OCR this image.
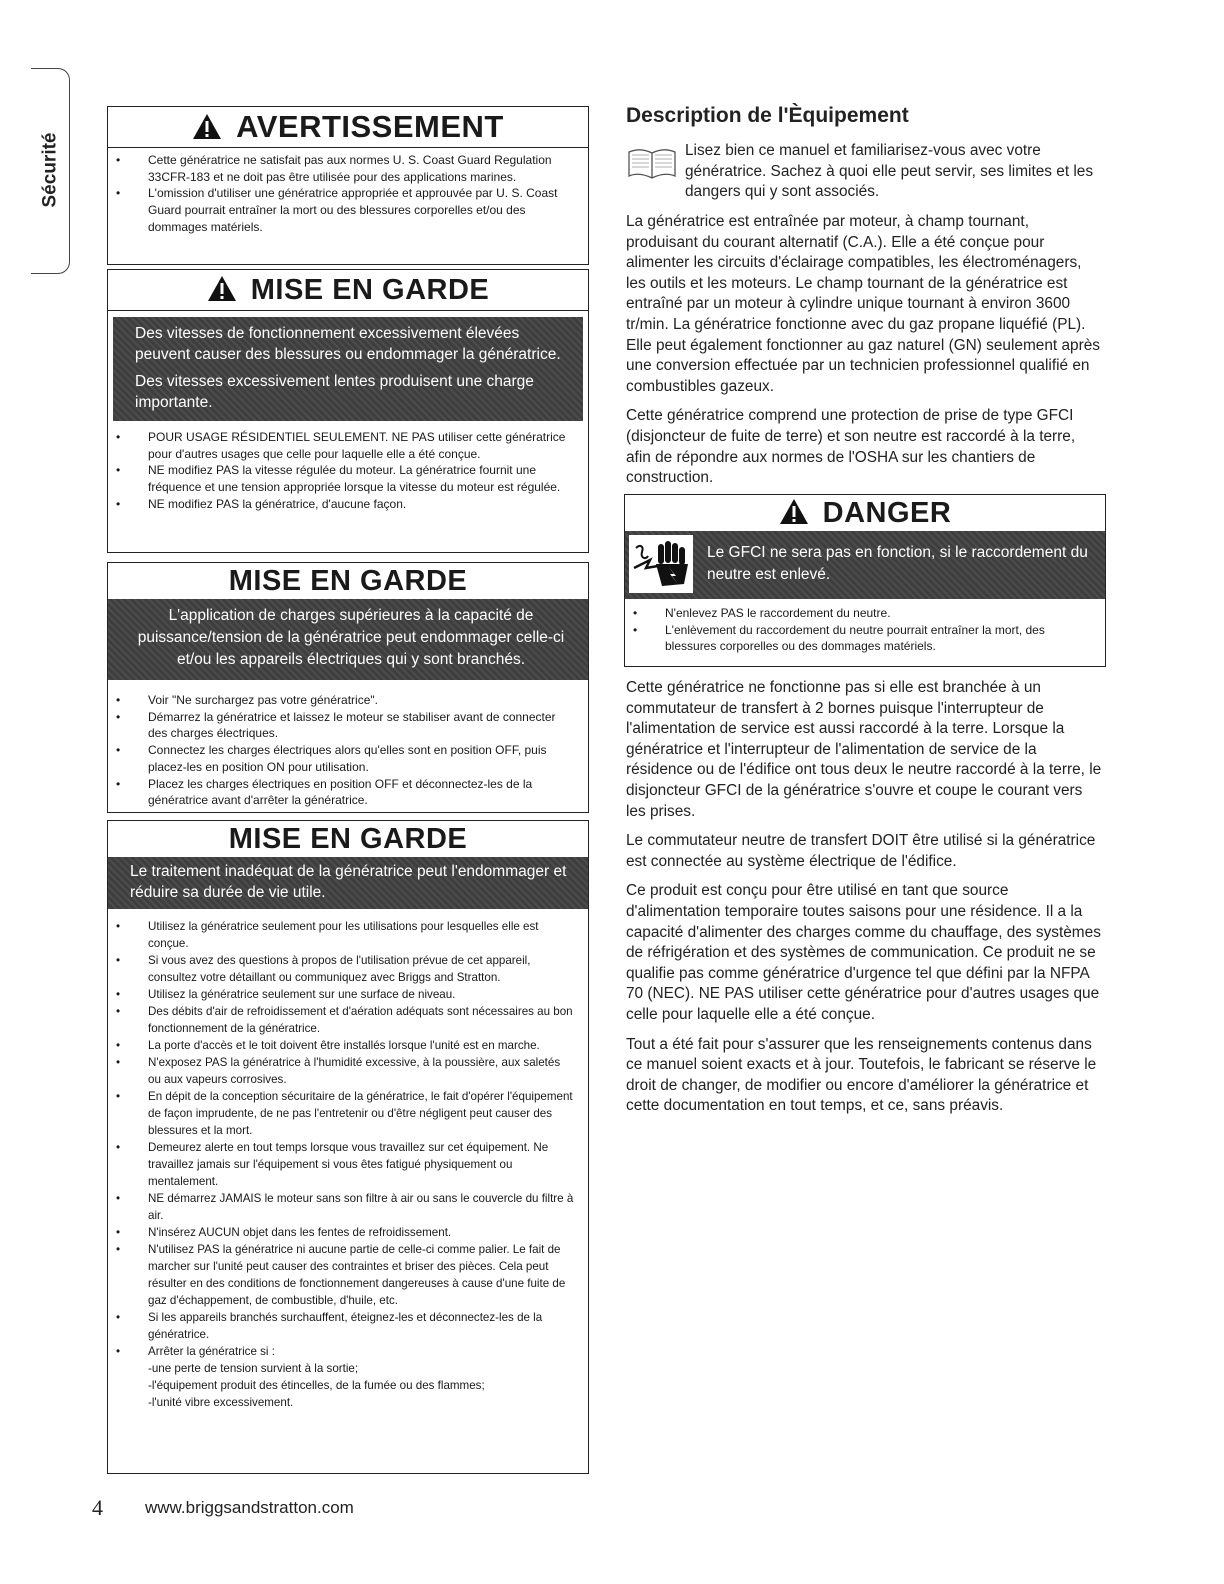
Sécurité
AVERTISSEMENT
• Cette génératrice ne satisfait pas aux normes U. S. Coast Guard Regulation 33CFR-183 et ne doit pas être utilisée pour des applications marines.
• L'omission d'utiliser une génératrice appropriée et approuvée par U. S. Coast Guard pourrait entraîner la mort ou des blessures corporelles et/ou des dommages matériels.
MISE EN GARDE

Des vitesses de fonctionnement excessivement élevées peuvent causer des blessures ou endommager la génératrice.

Des vitesses excessivement lentes produisent une charge importante.

• POUR USAGE RÉSIDENTIEL SEULEMENT. NE PAS utiliser cette génératrice pour d'autres usages que celle pour laquelle elle a été conçue.
• NE modifiez PAS la vitesse régulée du moteur. La génératrice fournit une fréquence et une tension appropriée lorsque la vitesse du moteur est régulée.
• NE modifiez PAS la génératrice, d'aucune façon.
MISE EN GARDE

L'application de charges supérieures à la capacité de puissance/tension de la génératrice peut endommager celle-ci et/ou les appareils électriques qui y sont branchés.

• Voir "Ne surchargez pas votre génératrice".
• Démarrez la génératrice et laissez le moteur se stabiliser avant de connecter des charges électriques.
• Connectez les charges électriques alors qu'elles sont en position OFF, puis placez-les en position ON pour utilisation.
• Placez les charges électriques en position OFF et déconnectez-les de la génératrice avant d'arrêter la génératrice.
MISE EN GARDE

Le traitement inadéquat de la génératrice peut l'endommager et réduire sa durée de vie utile.

• Utilisez la génératrice seulement pour les utilisations pour lesquelles elle est conçue.
• Si vous avez des questions à propos de l'utilisation prévue de cet appareil, consultez votre détaillant ou communiquez avec Briggs and Stratton.
• Utilisez la génératrice seulement sur une surface de niveau.
• Des débits d'air de refroidissement et d'aération adéquats sont nécessaires au bon fonctionnement de la génératrice.
• La porte d'accès et le toit doivent être installés lorsque l'unité est en marche.
• N'exposez PAS la génératrice à l'humidité excessive, à la poussière, aux saletés ou aux vapeurs corrosives.
• En dépit de la conception sécuritaire de la génératrice, le fait d'opérer l'équipement de façon imprudente, de ne pas l'entretenir ou d'être négligent peut causer des blessures et la mort.
• Demeurez alerte en tout temps lorsque vous travaillez sur cet équipement. Ne travaillez jamais sur l'équipement si vous êtes fatigué physiquement ou mentalement.
• NE démarrez JAMAIS le moteur sans son filtre à air ou sans le couvercle du filtre à air.
• N'insérez AUCUN objet dans les fentes de refroidissement.
• N'utilisez PAS la génératrice ni aucune partie de celle-ci comme palier. Le fait de marcher sur l'unité peut causer des contraintes et briser des pièces. Cela peut résulter en des conditions de fonctionnement dangereuses à cause d'une fuite de gaz d'échappement, de combustible, d'huile, etc.
• Si les appareils branchés surchauffent, éteignez-les et déconnectez-les de la génératrice.
• Arrêter la génératrice si :
-une perte de tension survient à la sortie;
-l'équipement produit des étincelles, de la fumée ou des flammes;
-l'unité vibre excessivement.
Description de l'Èquipement
Lisez bien ce manuel et familiarisez-vous avec votre génératrice. Sachez à quoi elle peut servir, ses limites et les dangers qui y sont associés.

La génératrice est entraînée par moteur, à champ tournant, produisant du courant alternatif (C.A.). Elle a été conçue pour alimenter les circuits d'éclairage compatibles, les électroménagers, les outils et les moteurs. Le champ tournant de la génératrice est entraîné par un moteur à cylindre unique tournant à environ 3600 tr/min. La génératrice fonctionne avec du gaz propane liquéfié (PL). Elle peut également fonctionner au gaz naturel (GN) seulement après une conversion effectuée par un technicien professionnel qualifié en combustibles gazeux.

Cette génératrice comprend une protection de prise de type GFCI (disjoncteur de fuite de terre) et son neutre est raccordé à la terre, afin de répondre aux normes de l'OSHA sur les chantiers de construction.

DANGER

Le GFCI ne sera pas en fonction, si le raccordement du neutre est enlevé.

• N'enlevez PAS le raccordement du neutre.
• L'enlèvement du raccordement du neutre pourrait entraîner la mort, des blessures corporelles ou des dommages matériels.

Cette génératrice ne fonctionne pas si elle est branchée à un commutateur de transfert à 2 bornes puisque l'interrupteur de l'alimentation de service est aussi raccordé à la terre. Lorsque la génératrice et l'interrupteur de l'alimentation de service de la résidence ou de l'édifice ont tous deux le neutre raccordé à la terre, le disjoncteur GFCI de la génératrice s'ouvre et coupe le courant vers les prises.

Le commutateur neutre de transfert DOIT être utilisé si la génératrice est connectée au système électrique de l'édifice.

Ce produit est conçu pour être utilisé en tant que source d'alimentation temporaire toutes saisons pour une résidence. Il a la capacité d'alimenter des charges comme du chauffage, des systèmes de réfrigération et des systèmes de communication. Ce produit ne se qualifie pas comme génératrice d'urgence tel que défini par la NFPA 70 (NEC). NE PAS utiliser cette génératrice pour d'autres usages que celle pour laquelle elle a été conçue.

Tout a été fait pour s'assurer que les renseignements contenus dans ce manuel soient exacts et à jour. Toutefois, le fabricant se réserve le droit de changer, de modifier ou encore d'améliorer la génératrice et cette documentation en tout temps, et ce, sans préavis.

4 www.briggsandstratton.com
